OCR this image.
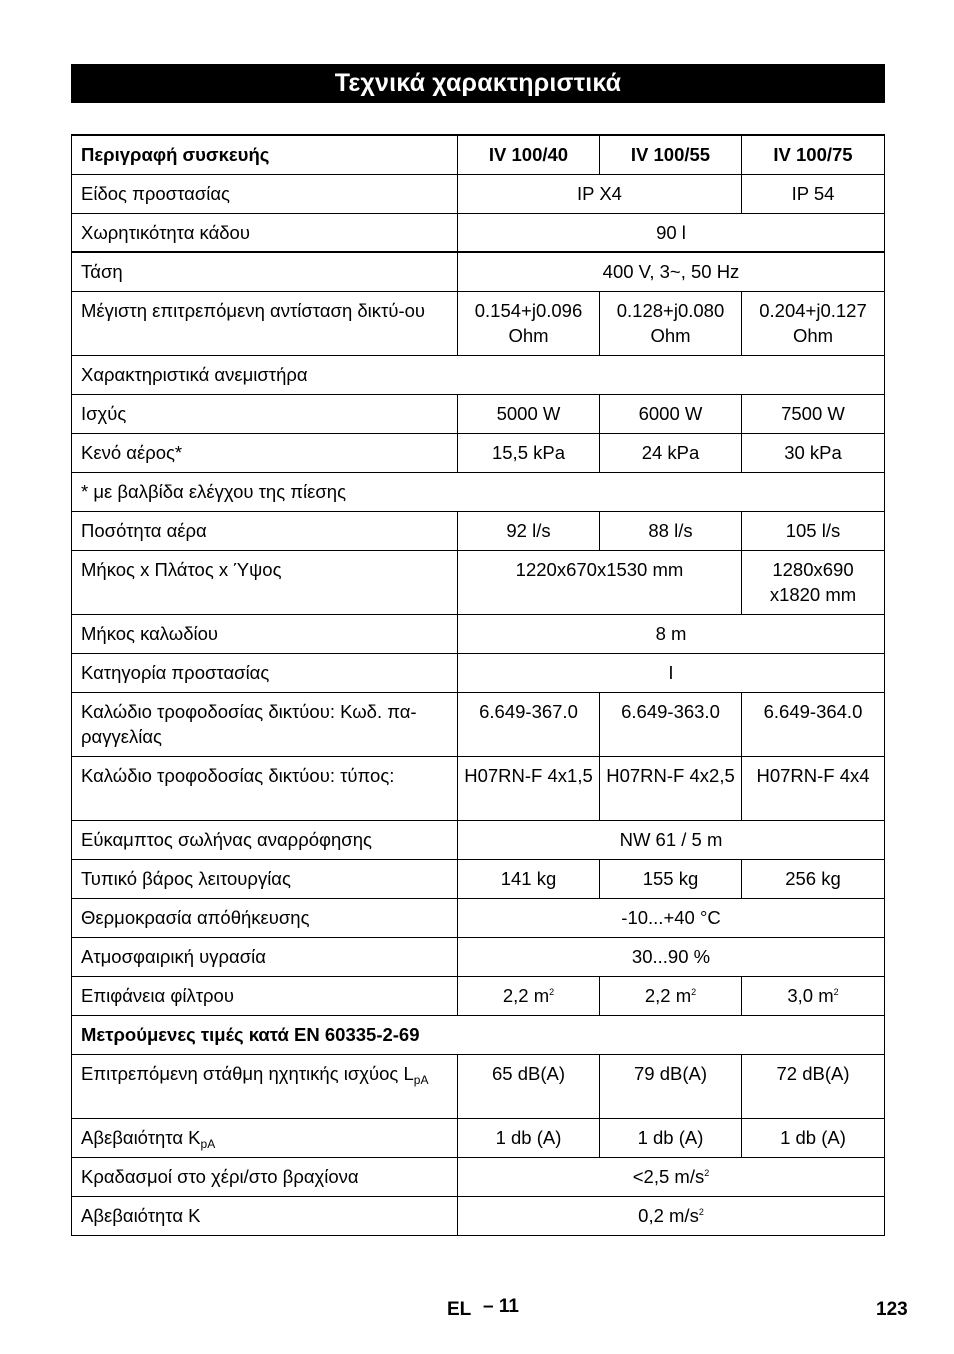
Τεχνικά χαρακτηριστικά
Περιγραφή συσκευής	IV 100/40	IV 100/55	IV 100/75
Είδος προστασίας	IP X4		IP 54
Χωρητικότητα κάδου	90 l		
Τάση	400 V, 3~, 50 Hz		
Μέγιστη επιτρεπόμενη αντίσταση δικτύ-ου	0.154+j0.096 Ohm	0.128+j0.080 Ohm	0.204+j0.127 Ohm
Χαρακτηριστικά ανεμιστήρα			
Ισχύς	5000 W	6000 W	7500 W
Κενό αέρος*	15,5 kPa	24 kPa	30 kPa
* με βαλβίδα ελέγχου της πίεσης			
Ποσότητα αέρα	92 l/s	88 l/s	105 l/s
Μήκος x Πλάτος x Ύψος	1220x670x1530 mm		1280x690 x1820 mm
Μήκος καλωδίου	8 m		
Κατηγορία προστασίας	I		
Καλώδιο τροφοδοσίας δικτύου: Κωδ. πα-ραγγελίας	6.649-367.0	6.649-363.0	6.649-364.0
Καλώδιο τροφοδοσίας δικτύου: τύπος:	H07RN-F 4x1,5	H07RN-F 4x2,5	H07RN-F 4x4
Εύκαμπτος σωλήνας αναρρόφησης	NW 61 / 5 m		
Τυπικό βάρος λειτουργίας	141 kg	155 kg	256 kg
Θερμοκρασία απόθήκευσης	-10...+40 °C		
Ατμοσφαιρική υγρασία	30...90 %		
Επιφάνεια φίλτρου	2,2 $m^2$	2,2 $m^2$	3,0 $m^2$
Μετρούμενες τιμές κατά EN 60335-2-69			
Επιτρεπόμενη στάθμη ηχητικής ισχύος $L_{pA}$	65 dB(A)	79 dB(A)	72 dB(A)
Αβεβαιότητα $K_{pA}$	1 db (A)	1 db (A)	1 db (A)
Κραδασμοί στο χέρι/στο βραχίονα	<2,5 $m/s^2$
Αβεβαιότητα K	0,2 $m/s^2$
EL – 11	123
